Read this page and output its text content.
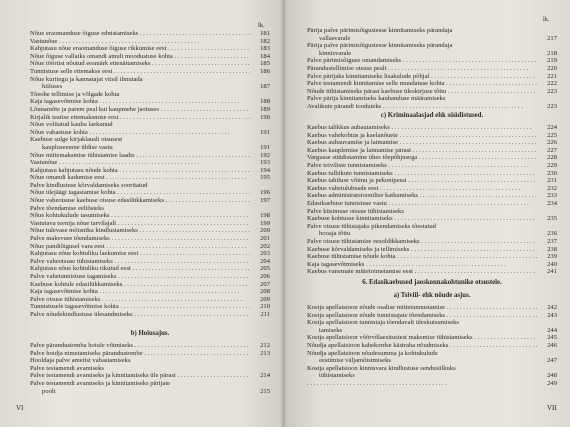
lk.
Nõue eraomanduse õiguse ednistamiseks . . .	181
Vastunõue . . .	182
Kahjutasu nõue eraomanduse õiguse rikkumise eest . . .	183
Nõue õiguse vallaiks omandi ainult moodustuse kohta . . .	184
Nõue tööriist nõutud eesmärk ettenäitamiseks . . .	185
Tunnistuse selle ettemakse eest . . .	186
Nõue kuritegu ja kannatajat viisil ilmutada
hiiluses	187
Tõeohe tellimise ja võlgade kohta
Kaja tagasevõtmise kohta . . .	188
Lõunamõte ja parem peal kui kaupmehe jaotuses . . .	189
Kirjalik teatise ettemaksmise eest . . .	190
Nõue volitatud kauba laekunud
Nõue vabastuse kohta . . .	191
Kaebuse sulge kirjaklausli otsusest
kaupluseemne üldise vastu	191
Nõue mittemaksmise tühistamise laadis . . .	192
Vastunõue . . .	193
Kahjutasu kahjutasu nõude kohta . . .	194
Nõue omandi kadumise eest . . .	195
Palve kindlustuse kõrvaldamiseks sooritatud
Nõue ülejäägi tagastamise kohta . . .	196
Nõue vaheotsuse kaebuse otsuse edasilükkamiseks . . .	197
Palve tõendamise eeltõsteks
Nõue kohtukulude tasumiseks . . .	198
Vastutava teenija nõue tarvilajalt . . .	199
Nõue tulevase mõisniku kindlustamiseks . . .	200
Palve maksvuse tõendamiseks . . .	201
Nõue pandiõigusel vara eest . . .	202
Kahjutasu nõue kohtuliku laekumise eest . . .	203
Palve vaheotsuse tühistamiseks . . .	204
Kahjutasu nõue kohtuliku rikutud eest . . .	205
Palve vahetunnistuse tagamiseks . . .	206
Kaebuse kohtule edasilükkamiseks . . .	207
Kaja tagasevõtmise kohta . . .	208
Palve otsuse tühistamiseks . . .	209
Tunnistusele tagasevõtmise kohta . . .	210
Palve nõudekindlustuse ülesandmiseks . . .	211
b) Hoiusajus.
Palve pärandustomba hoiule võtmiseks . . .	212
Palve hoidja nimetamiseks pärandustombe . . .	213
Hooldaja palve ametist vabastamiseks
Palve testamendi avamiseks
Palve testamendi avamiseks ja kinnitamiseks üle pärast . . .	214
Palve testamendi avamiseks ja kinnitamiseks pärijate
poolt	215
VI
lk.
Pärija palve pärimisõigustesse kinnitamiseks pärandaja
vallasvarale	217
Pärija palve pärimisõigustesse kinnitamiseks pärandaja
kinnisvarale	218
Palve pärimisõiguse omandamiseks . . .	219
Pärandustellimise otsuse pealt . . .	220
Palve pärijaks kinnitamiseks lisakulude põhjal . . .	221
Palve testamendi kinnitamise selle muudatuse kohta . . .	222
Nõude tühistamiseks pärast kaebuse üleskirjuse tõttu . . .	223
Palve pärija kinnitamiseks kaubanduse määramiseks
Avalikute pärandi tooduteks . . .	223
c) Kriminaalasjad ehk süüdistused.
Kaebus talikkus aubautamiseks . . .	224
Kaebus vahekohtus ja kaelanõuete . . .	225
Kaebus aubauvamise ja laimamise . . .	226
Kaebus kauplemise ja laimamise pärast . . .	227
Vargusse süüdistamine ühes tõepõhjusega . . .	228
Palve teiviliste tunnistamiseks . . .	229
Kaebus tulbikute tunnistamiseks . . .	230
Kaebus tahtluse võimu ja pekonipessi . . .	231
Kaebus vahetulubusde eest . . .	232
Kaebus administratsioonilise katkumiseks . . .	233
Edasikaebuse tunnistuse vastu . . .	234
Palve küsimuse otsuse tühistamiseks
Kaebuse kohtusse kinnitamiseks . . .	235
Palve otsuse tühistajaks pikendamiseks tõestatud
hooaja tõttu	236
Palve otsuse tühistamise eesoldikkamiseks . . .	237
Kaebuse kõrvaldamiseks ja tellimiseks . . .	238
Kaebuse tühistamise nõude kohta . . .	239
Kaja tagasevõtmiseks . . .	240
Kaebus vanemate mittetoimetamise eest . . .	241
6. Edasikaebused jaoskonnakohtunike otsustele.
a) Tsiviil- ehk nõude asjus.
Kostja apellatsioon nõude osalise mittetunnustamise . . .	242
Kostja apellatsioon nõude tunnistajate tõendamiseks . . .	243
Kostja apellatsioon tunnistaja tõendavalt üleskutsumiseks
tamiseks	244
Kostja apellatsioon võõrvõlaesitustest maksmise tühistamiseks . . .	245
Nõudja apellatsioon kahekordse kästraha nõudmiseks . . .	246
Nõudja apellatsioon nõudesumma ja kohtukulude
eestimise väljamõistmiseks	247
Kostja apellatsioon kinnisvara kindlustuse sendusülkuks
tühistamiseks	248
. . .
249
VII
